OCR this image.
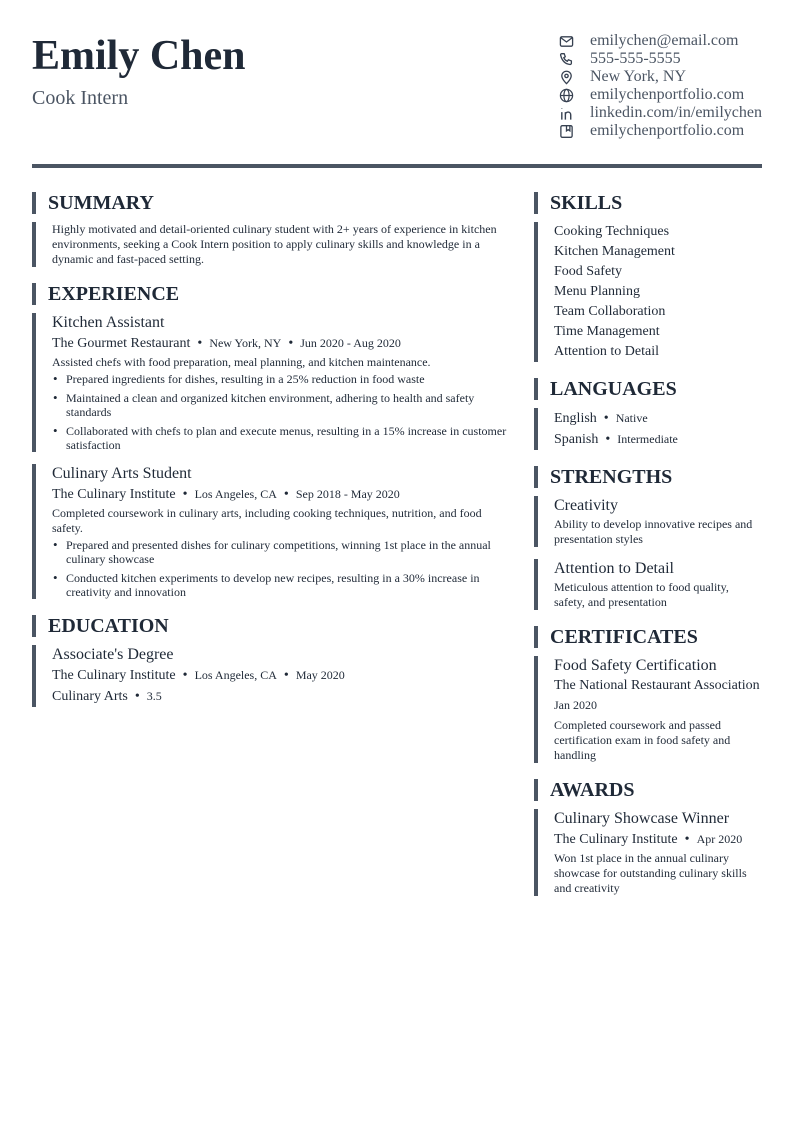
Emily Chen
Cook Intern
emilychen@email.com
555-555-5555
New York, NY
emilychenportfolio.com
linkedin.com/in/emilychen
emilychenportfolio.com
SUMMARY
Highly motivated and detail-oriented culinary student with 2+ years of experience in kitchen environments, seeking a Cook Intern position to apply culinary skills and knowledge in a dynamic and fast-paced setting.
EXPERIENCE
Kitchen Assistant
The Gourmet Restaurant • New York, NY • Jun 2020 - Aug 2020
Assisted chefs with food preparation, meal planning, and kitchen maintenance.
• Prepared ingredients for dishes, resulting in a 25% reduction in food waste
• Maintained a clean and organized kitchen environment, adhering to health and safety standards
• Collaborated with chefs to plan and execute menus, resulting in a 15% increase in customer satisfaction
Culinary Arts Student
The Culinary Institute • Los Angeles, CA • Sep 2018 - May 2020
Completed coursework in culinary arts, including cooking techniques, nutrition, and food safety.
• Prepared and presented dishes for culinary competitions, winning 1st place in the annual culinary showcase
• Conducted kitchen experiments to develop new recipes, resulting in a 30% increase in creativity and innovation
EDUCATION
Associate's Degree
The Culinary Institute • Los Angeles, CA • May 2020
Culinary Arts • 3.5
SKILLS
Cooking Techniques
Kitchen Management
Food Safety
Menu Planning
Team Collaboration
Time Management
Attention to Detail
LANGUAGES
English • Native
Spanish • Intermediate
STRENGTHS
Creativity
Ability to develop innovative recipes and presentation styles
Attention to Detail
Meticulous attention to food quality, safety, and presentation
CERTIFICATES
Food Safety Certification
The National Restaurant Association
Jan 2020
Completed coursework and passed certification exam in food safety and handling
AWARDS
Culinary Showcase Winner
The Culinary Institute • Apr 2020
Won 1st place in the annual culinary showcase for outstanding culinary skills and creativity
